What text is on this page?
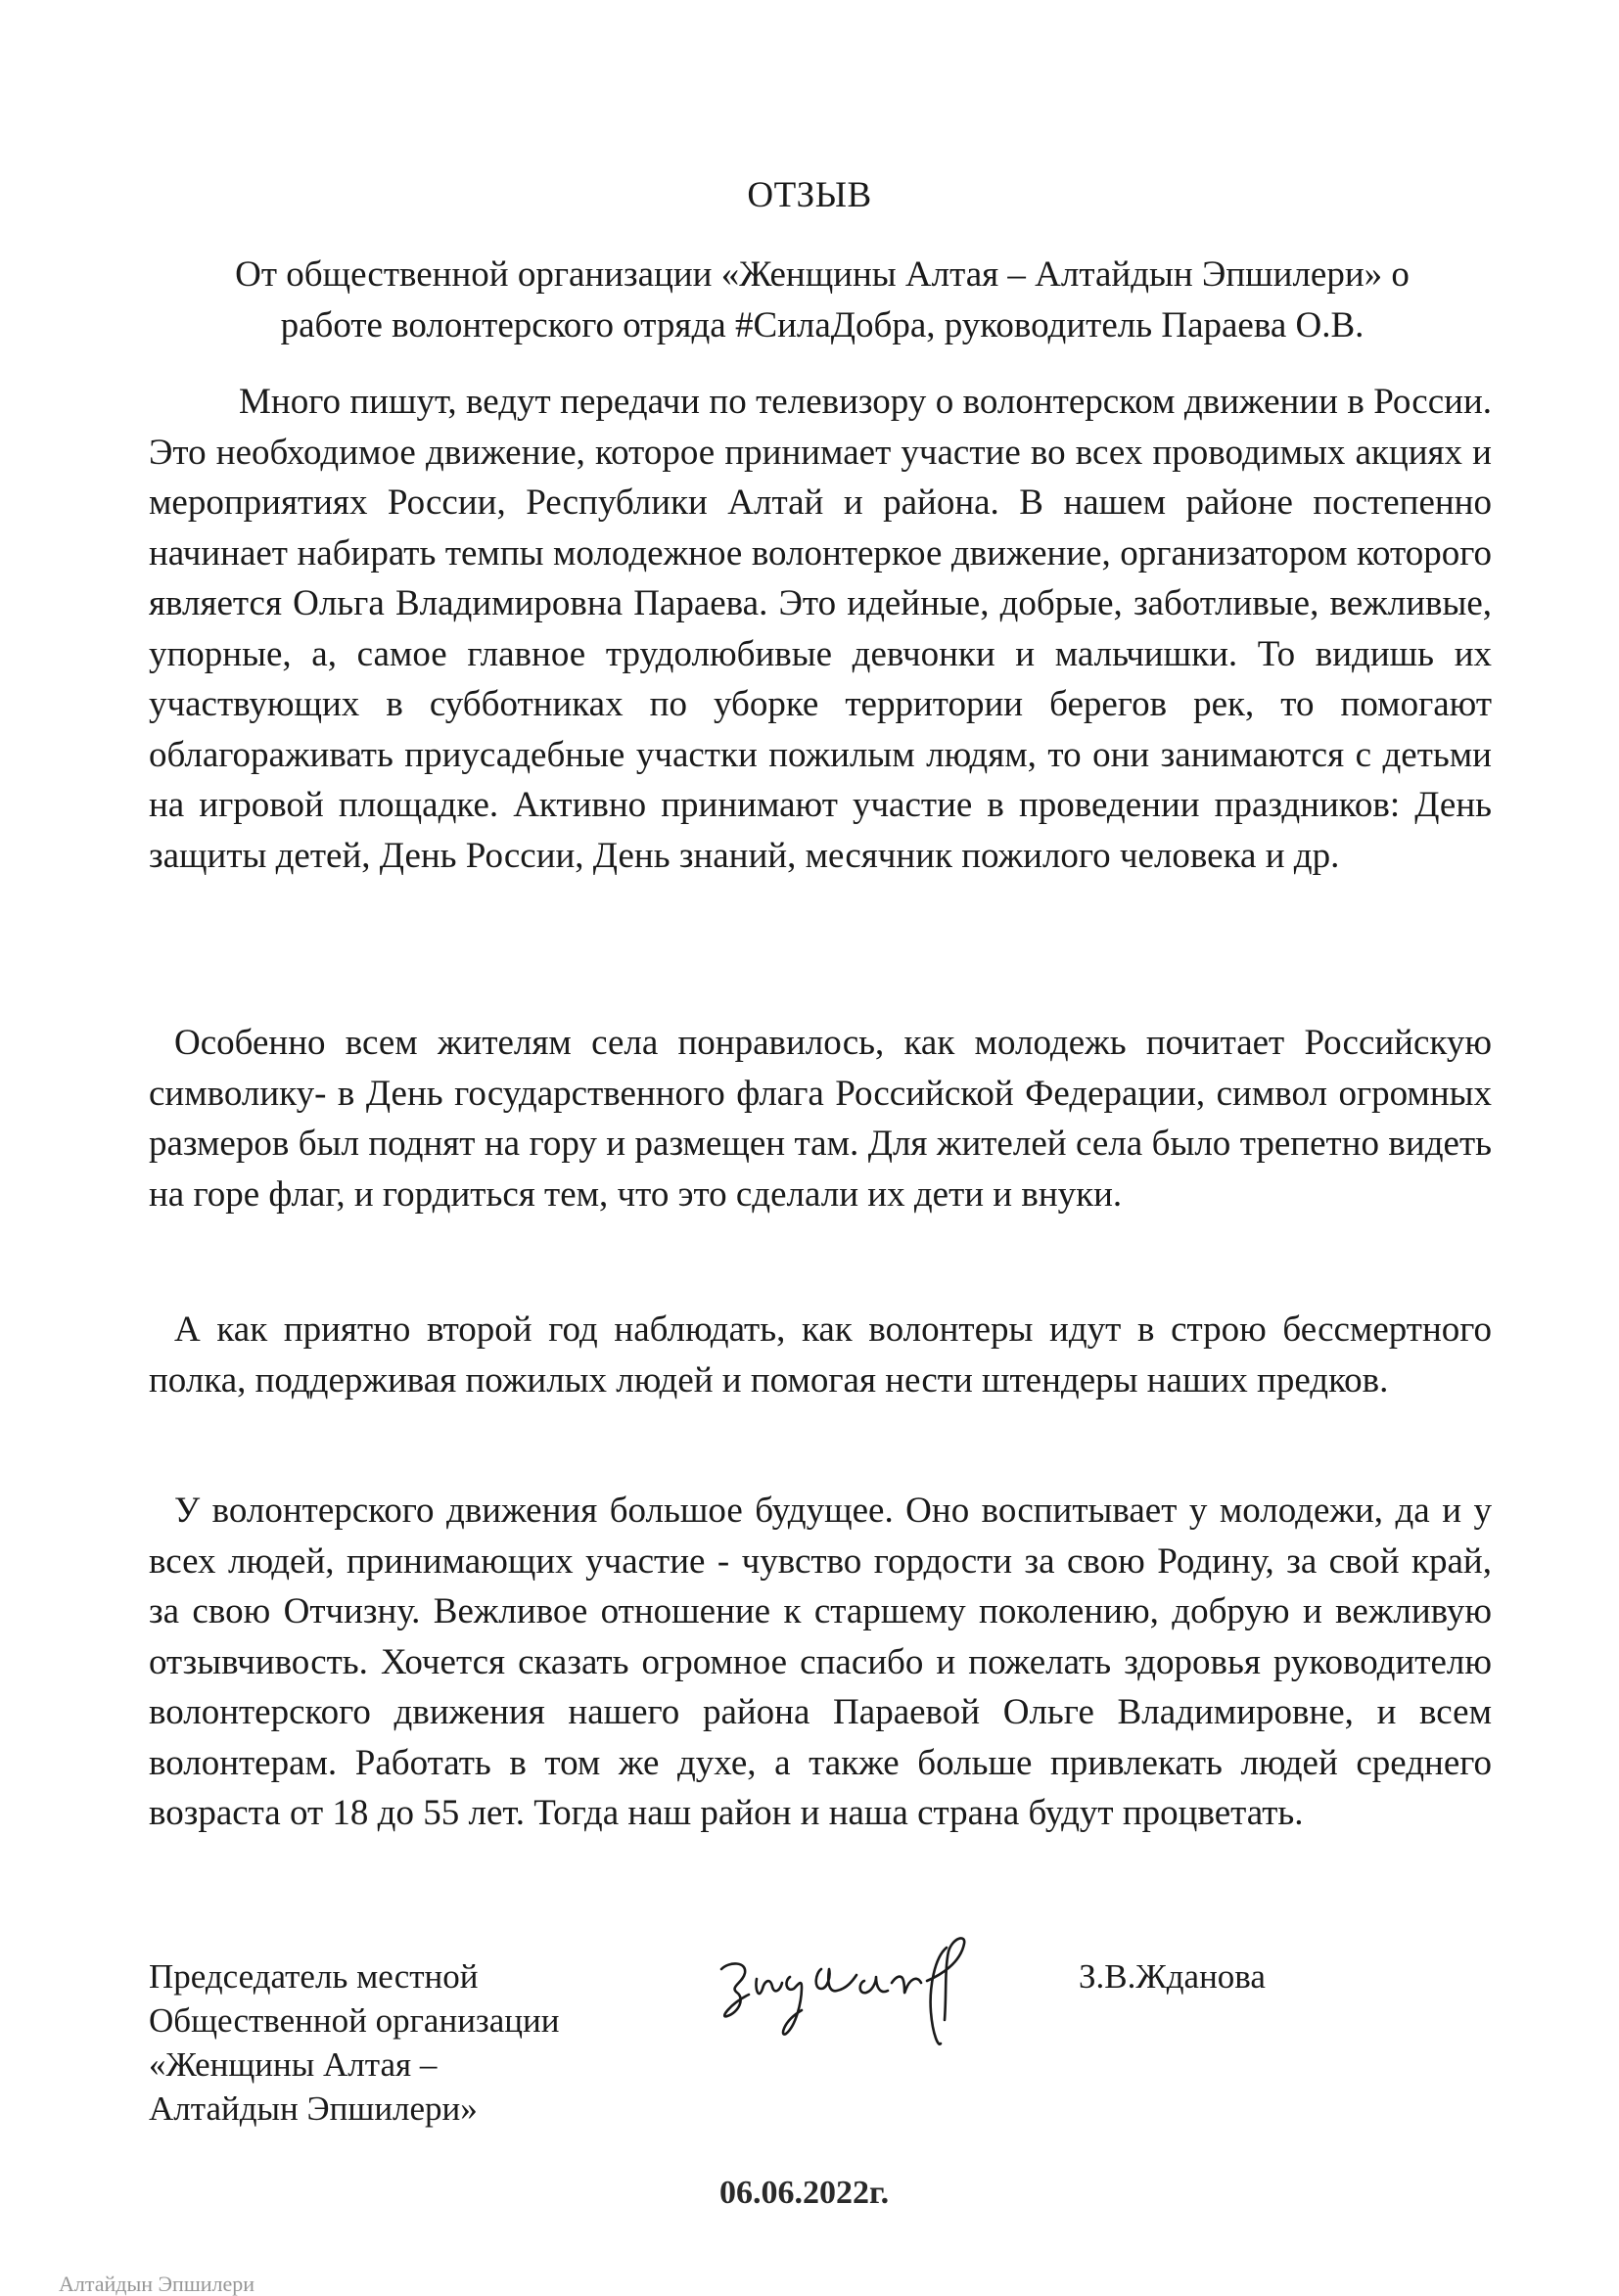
ОТЗЫВ
От общественной организации «Женщины Алтая – Алтайдын Эпшилери» о
работе волонтерского отряда #СилаДобра, руководитель Параева О.В.

Много пишут, ведут передачи по телевизору о волонтерском движении в России. Это необходимое движение, которое принимает участие во всех проводимых акциях и мероприятиях России, Республики Алтай и района. В нашем районе постепенно начинает набирать темпы молодежное волонтеркое движение, организатором которого является Ольга Владимировна Параева. Это идейные, добрые, заботливые, вежливые, упорные, а, самое главное трудолюбивые девчонки и мальчишки. То видишь их участвующих в субботниках по уборке территории берегов рек, то помогают облагораживать приусадебные участки пожилым людям, то они занимаются с детьми на игровой площадке. Активно принимают участие в проведении праздников: День защиты детей, День России, День знаний, месячник пожилого человека и др.

Особенно всем жителям села понравилось, как молодежь почитает Российскую символику- в День государственного флага Российской Федерации, символ огромных размеров был поднят на гору и размещен там. Для жителей села было трепетно видеть на горе флаг, и гордиться тем, что это сделали их дети и внуки.

А как приятно второй год наблюдать, как волонтеры идут в строю бессмертного полка, поддерживая пожилых людей и помогая нести штендеры наших предков.

У волонтерского движения большое будущее. Оно воспитывает у молодежи, да и у всех людей, принимающих участие - чувство гордости за свою Родину, за свой край, за свою Отчизну. Вежливое отношение к старшему поколению, добрую и вежливую отзывчивость. Хочется сказать огромное спасибо и пожелать здоровья руководителю волонтерского движения нашего района Параевой Ольге Владимировне, и всем волонтерам. Работать в том же духе, а также больше привлекать людей среднего возраста от 18 до 55 лет. Тогда наш район и наша страна будут процветать.

Председатель местной
Общественной организации
«Женщины Алтая –
Алтайдын Эпшилери»
З.В.Жданова
06.06.2022г.
Алтайдын Эпшилери
